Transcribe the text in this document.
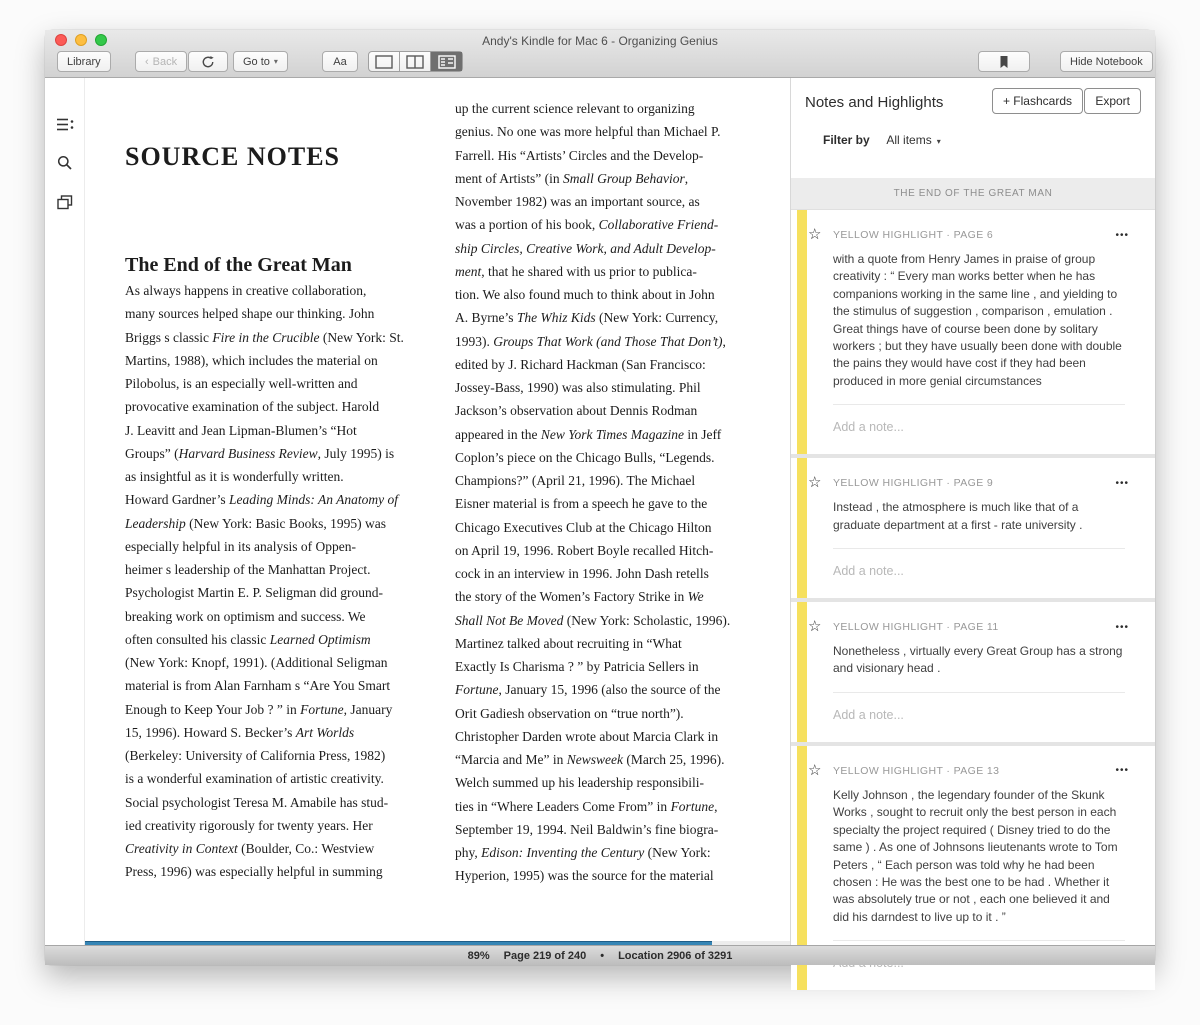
Andy's Kindle for Mac 6 - Organizing Genius
Library	‹ Back	Go to ▾	Aa	Hide Notebook
SOURCE NOTES
The End of the Great Man
As always happens in creative collaboration,
many sources helped shape our thinking. John
Briggs s classic Fire in the Crucible (New York: St.
Martins, 1988), which includes the material on
Pilobolus, is an especially well-written and
provocative examination of the subject. Harold
J. Leavitt and Jean Lipman-Blumen’s “Hot
Groups” (Harvard Business Review, July 1995) is
as insightful as it is wonderfully written.
Howard Gardner’s Leading Minds: An Anatomy of
Leadership (New York: Basic Books, 1995) was
especially helpful in its analysis of Oppen-
heimer s leadership of the Manhattan Project.
Psychologist Martin E. P. Seligman did ground-
breaking work on optimism and success. We
often consulted his classic Learned Optimism
(New York: Knopf, 1991). (Additional Seligman
material is from Alan Farnham s “Are You Smart
Enough to Keep Your Job ? ” in Fortune, January
15, 1996). Howard S. Becker’s Art Worlds
(Berkeley: University of California Press, 1982)
is a wonderful examination of artistic creativity.
Social psychologist Teresa M. Amabile has stud-
ied creativity rigorously for twenty years. Her
Creativity in Context (Boulder, Co.: Westview
Press, 1996) was especially helpful in summing
up the current science relevant to organizing
genius. No one was more helpful than Michael P.
Farrell. His “Artists’ Circles and the Develop-
ment of Artists” (in Small Group Behavior,
November 1982) was an important source, as
was a portion of his book, Collaborative Friend-
ship Circles, Creative Work, and Adult Develop-
ment, that he shared with us prior to publica-
tion. We also found much to think about in John
A. Byrne’s The Whiz Kids (New York: Currency,
1993). Groups That Work (and Those That Don’t),
edited by J. Richard Hackman (San Francisco:
Jossey-Bass, 1990) was also stimulating. Phil
Jackson’s observation about Dennis Rodman
appeared in the New York Times Magazine in Jeff
Coplon’s piece on the Chicago Bulls, “Legends.
Champions?” (April 21, 1996). The Michael
Eisner material is from a speech he gave to the
Chicago Executives Club at the Chicago Hilton
on April 19, 1996. Robert Boyle recalled Hitch-
cock in an interview in 1996. John Dash retells
the story of the Women’s Factory Strike in We
Shall Not Be Moved (New York: Scholastic, 1996).
Martinez talked about recruiting in “What
Exactly Is Charisma ? ” by Patricia Sellers in
Fortune, January 15, 1996 (also the source of the
Orit Gadiesh observation on “true north”).
Christopher Darden wrote about Marcia Clark in
“Marcia and Me” in Newsweek (March 25, 1996).
Welch summed up his leadership responsibili-
ties in “Where Leaders Come From” in Fortune,
September 19, 1994. Neil Baldwin’s fine biogra-
phy, Edison: Inventing the Century (New York:
Hyperion, 1995) was the source for the material
Notes and Highlights	+ Flashcards Export
Filter by All items ▾
THE END OF THE GREAT MAN
☆ YELLOW HIGHLIGHT · PAGE 6	•••
with a quote from Henry James in praise of group creativity : “ Every man works better when he has companions working in the same line , and yielding to the stimulus of suggestion , comparison , emulation . Great things have of course been done by solitary workers ; but they have usually been done with double the pains they would have cost if they had been produced in more genial circumstances
Add a note...
☆ YELLOW HIGHLIGHT · PAGE 9	•••
Instead , the atmosphere is much like that of a graduate department at a first - rate university .
Add a note...
☆ YELLOW HIGHLIGHT · PAGE 11	•••
Nonetheless , virtually every Great Group has a strong and visionary head .
Add a note...
☆ YELLOW HIGHLIGHT · PAGE 13	•••
Kelly Johnson , the legendary founder of the Skunk Works , sought to recruit only the best person in each specialty the project required ( Disney tried to do the same ) . As one of Johnsons lieutenants wrote to Tom Peters , “ Each person was told why he had been chosen : He was the best one to be had . Whether it was absolutely true or not , each one believed it and did his darndest to live up to it . ”
89% Page 219 of 240 • Location 2906 of 3291
